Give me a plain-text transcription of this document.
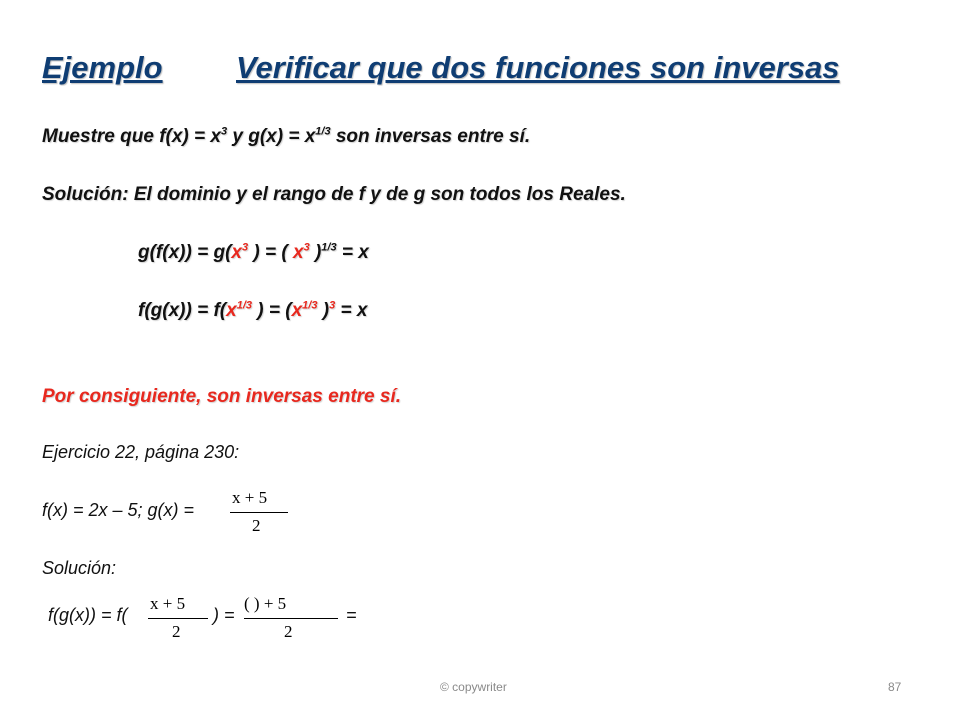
Ejemplo Verificar que dos funciones son inversas
Muestre que $f(x) = x^3$ y $g(x) = x^{1/3}$ son inversas entre sí.
Solución: El dominio y el rango de f y de g son todos los Reales.
$g(f(x)) = g(x^3$ ) = ( $x^3$ )$^{1/3}$ = x
$f(g(x)) = f(x^{1/3}$ ) = ($x^{1/3}$ )$^3$ = x
Por consiguiente, son inversas entre sí.
Ejercicio 22, página 230:
f(x) = 2x – 5; g(x) =
x + 5
2
Solución:
f(g(x)) = f(
x + 5
2
) =
( ) + 5
2
=
© copywriter	87
